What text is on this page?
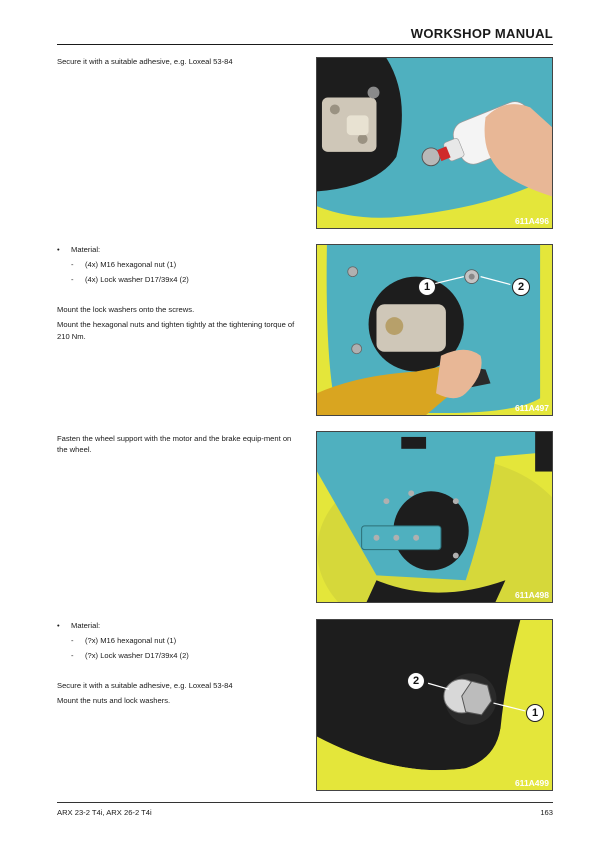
WORKSHOP MANUAL

Secure it with a suitable adhesive, e.g. Loxeal 53-84

• Material:
- (4x) M16 hexagonal nut (1)
- (4x) Lock washer D17/39x4 (2)

Mount the lock washers onto the screws.

Mount the hexagonal nuts and tighten tightly at the tightening torque of 210 Nm.

Fasten the wheel support with the motor and the brake equip-ment on the wheel.

• Material:
- (?x) M16 hexagonal nut (1)
- (?x) Lock washer D17/39x4 (2)

Secure it with a suitable adhesive, e.g. Loxeal 53-84

Mount the nuts and lock washers.

611A496
1	2
611A497
611A498
2
1
611A499
ARX 23-2 T4i, ARX 26-2 T4i	163
